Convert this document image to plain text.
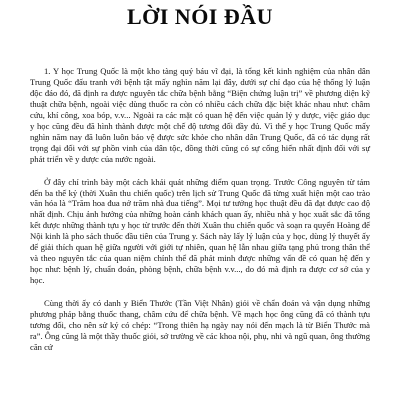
LỜI NÓI ĐẦU

1. Y học Trung Quốc là một kho tàng quý báu vĩ đại, là tổng kết kinh nghiệm của nhân dân Trung Quốc đấu tranh với bệnh tật mấy nghìn năm lại đây, dưới sự chỉ đạo của hệ thống lý luận độc đáo đó, đã định ra được nguyên tắc chữa bệnh bằng “Biện chứng luận trị” về phương diện kỹ thuật chữa bệnh, ngoài việc dùng thuốc ra còn có nhiều cách chữa đặc biệt khác nhau như: châm cứu, khí công, xoa bóp, v.v... Ngoài ra các mặt có quan hệ đến việc quản lý y dược, việc giáo dục y học cũng đều đã hình thành được một chế độ tương đối đầy đủ. Vì thế y học Trung Quốc mấy nghìn năm nay đã luôn luôn bảo vệ được sức khỏe cho nhân dân Trung Quốc, đã có tác dụng rất trọng đại đối với sự phồn vinh của dân tộc, đồng thời cũng có sự cống hiến nhất định đối với sự phát triển về y dược của nước ngoài.

Ở đây chỉ trình bày một cách khái quát những điểm quan trọng. Trước Công nguyên từ tám đến ba thế kỷ (thời Xuân thu chiến quốc) trên lịch sử Trung Quốc đã từng xuất hiện một cao trào văn hóa là “Trăm hoa đua nở trăm nhà đua tiếng”. Mọi tư tưởng học thuật đều đã đạt được cao độ nhất định. Chịu ảnh hưởng của những hoàn cảnh khách quan ấy, nhiều nhà y học xuất sắc đã tổng kết được những thành tựu y học từ trước đến thời Xuân thu chiến quốc và soạn ra quyển Hoàng đế Nội kinh là pho sách thuốc đầu tiên của Trung y. Sách này lấy lý luận của y học, dùng lý thuyết ấy để giải thích quan hệ giữa người với giới tự nhiên, quan hệ lẫn nhau giữa tạng phủ trong thân thể và theo nguyên tắc của quan niệm chỉnh thể đã phát minh được những vấn đề có quan hệ đến y học như: bệnh lý, chuẩn đoán, phòng bệnh, chữa bệnh v.v..., do đó mà định ra được cơ sở của y học.

Cùng thời ấy có danh y Biển Thước (Tần Việt Nhân) giỏi về chẩn đoán và vận dụng những phương pháp bằng thuốc thang, châm cứu để chữa bệnh. Về mạch học ông cũng đã có thành tựu tương đối, cho nên sử ký có chép: “Trong thiên hạ ngày nay nói đến mạch là từ Biển Thước mà ra”. Ông cũng là một thầy thuốc giỏi, sở trường về các khoa nội, phụ, nhi và ngũ quan, ông thường căn cứ
